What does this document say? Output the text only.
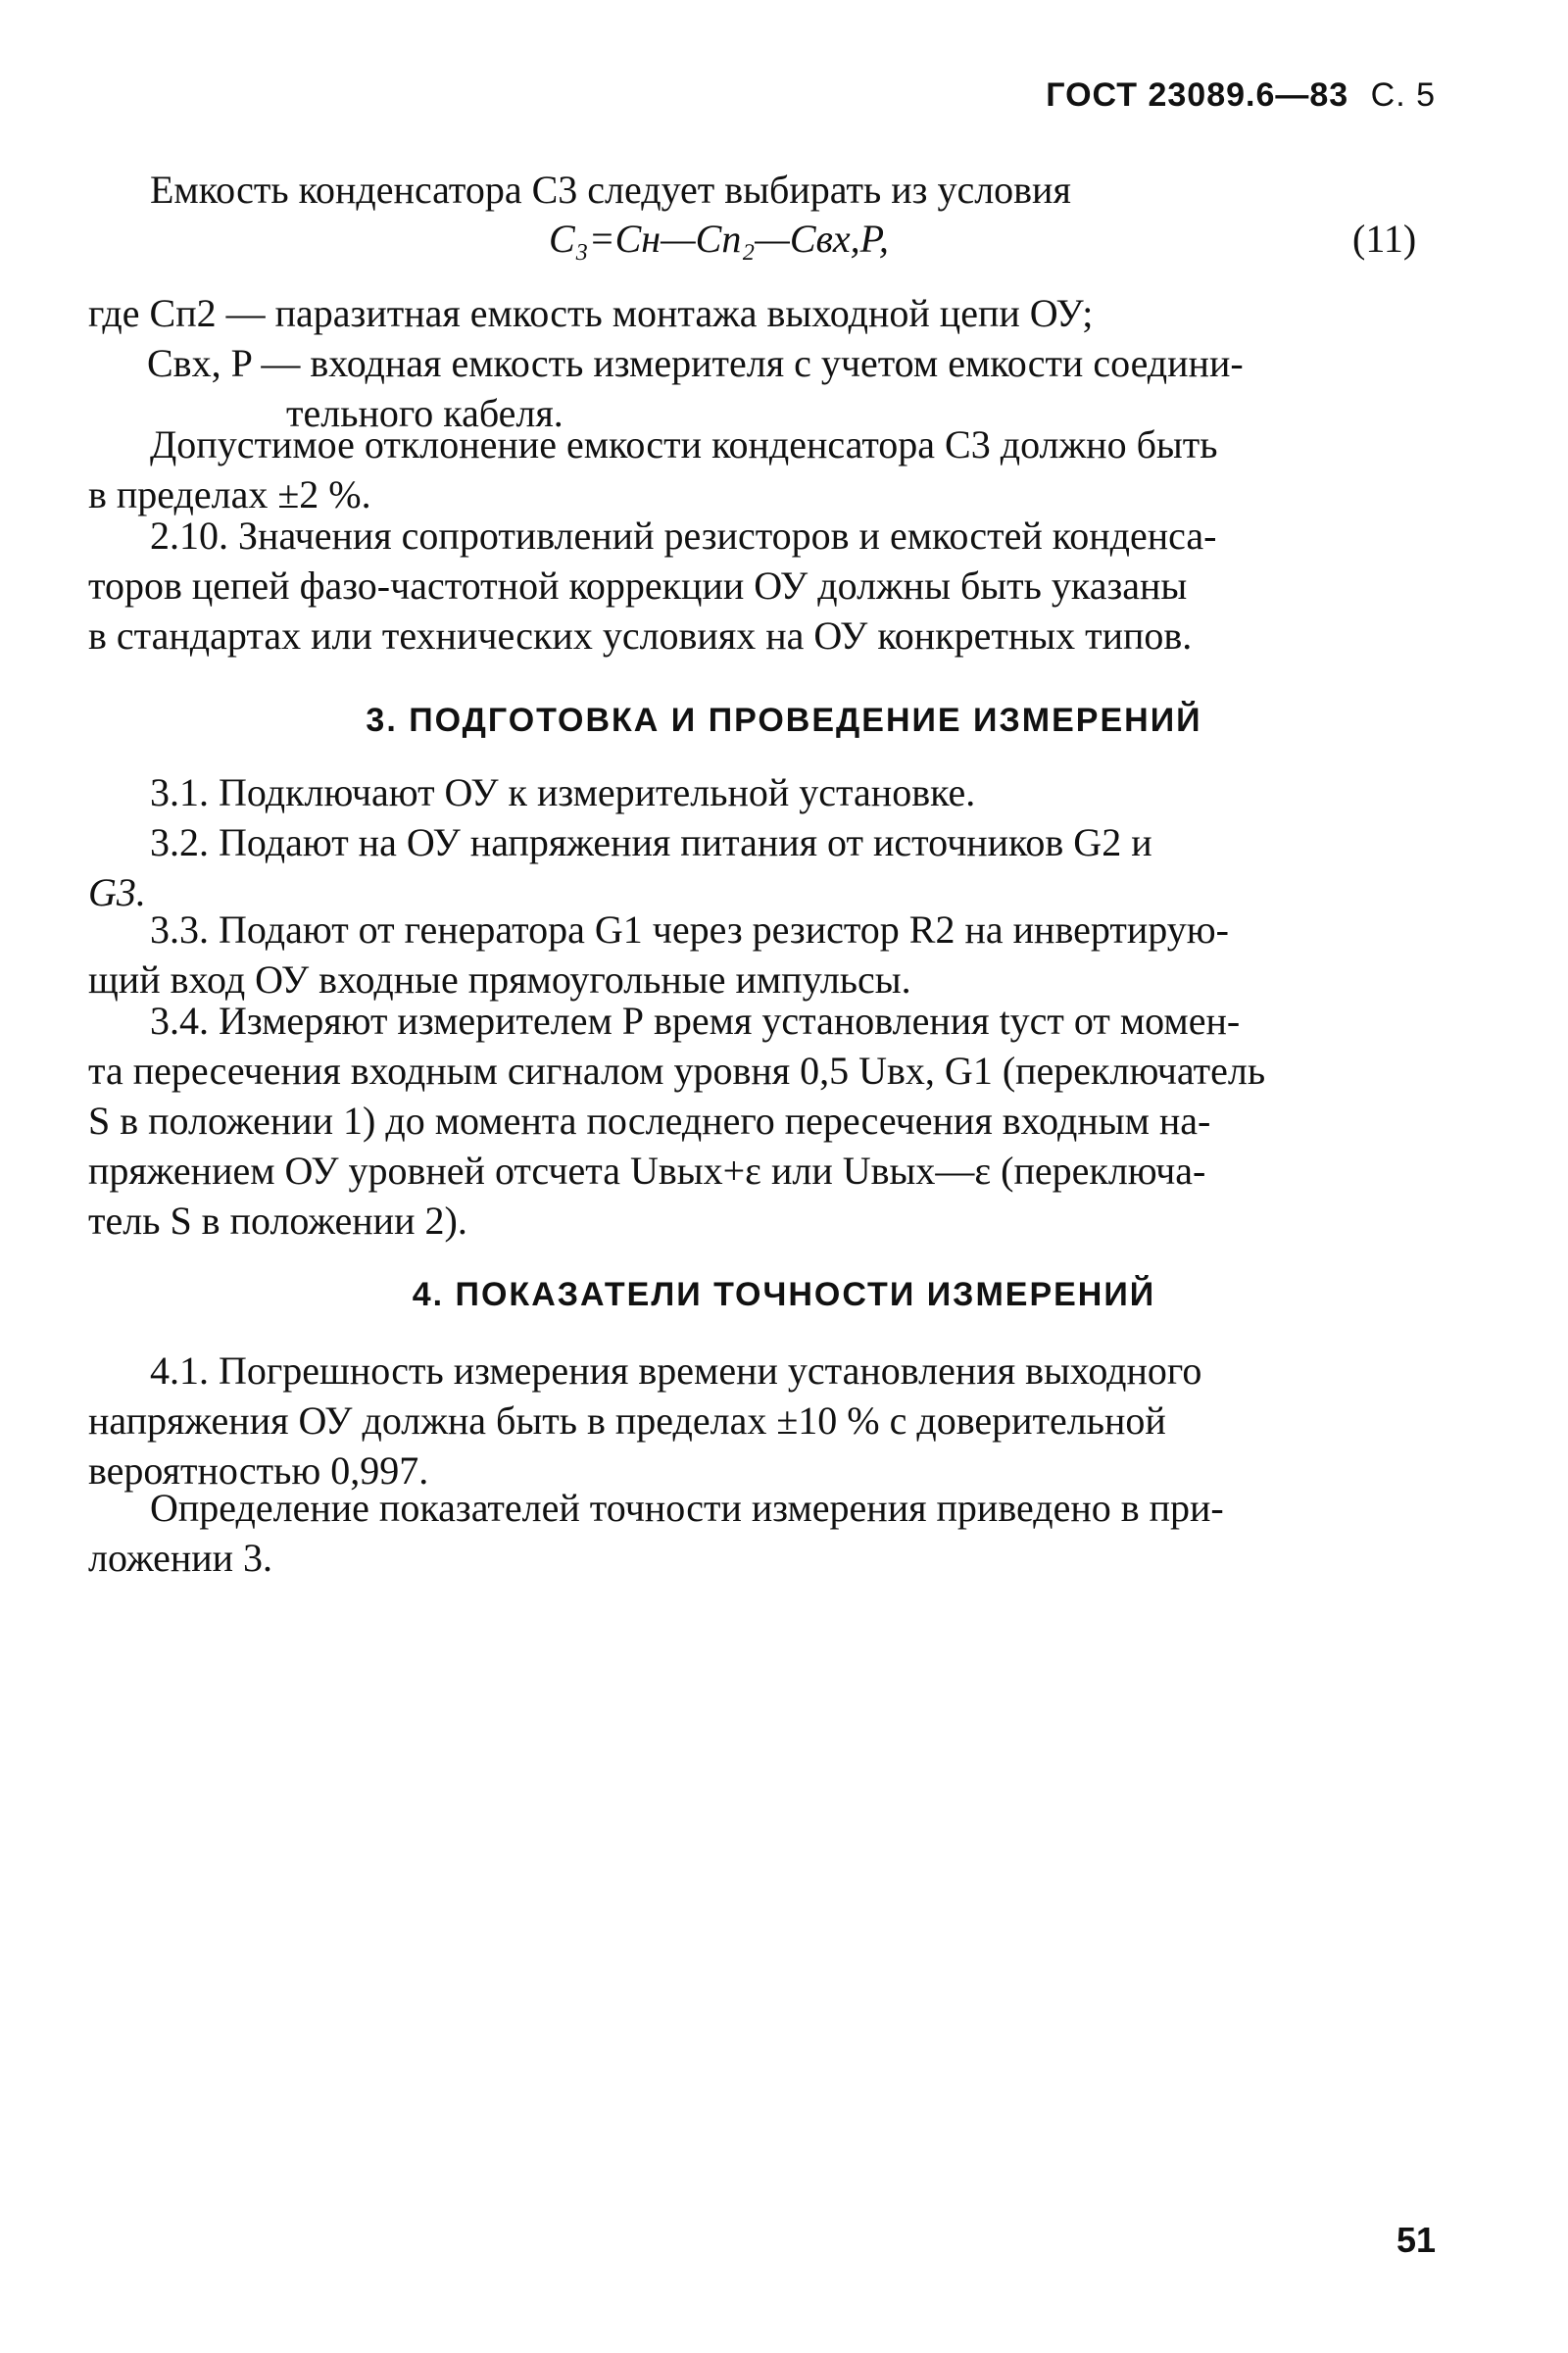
ГОСТ 23089.6—83 С. 5

Емкость конденсатора С3 следует выбирать из условия

C₃=Cн—Cп₂—Cвх,P,	(11)
где Cп2 — паразитная емкость монтажа выходной цепи ОУ;
Cвх, P — входная емкость измерителя с учетом емкости соедини-
тельного кабеля.
Допустимое отклонение емкости конденсатора С3 должно быть
в пределах ±2 %.
2.10. Значения сопротивлений резисторов и емкостей конденса-
торов цепей фазо-частотной коррекции ОУ должны быть указаны
в стандартах или технических условиях на ОУ конкретных типов.
3. ПОДГОТОВКА И ПРОВЕДЕНИЕ ИЗМЕРЕНИЙ
3.1. Подключают ОУ к измерительной установке.
3.2. Подают на ОУ напряжения питания от источников G2 и
G3.
3.3. Подают от генератора G1 через резистор R2 на инвертирую-
щий вход ОУ входные прямоугольные импульсы.
3.4. Измеряют измерителем Р время установления tуст от момен-
та пересечения входным сигналом уровня 0,5 Uвх, G1 (переключатель
S в положении 1) до момента последнего пересечения входным на-
пряжением ОУ уровней отсчета Uвых+ε или Uвых—ε (переключа-
тель S в положении 2).
4. ПОКАЗАТЕЛИ ТОЧНОСТИ ИЗМЕРЕНИЙ
4.1. Погрешность измерения времени установления выходного
напряжения ОУ должна быть в пределах ±10 % с доверительной
вероятностью 0,997.
Определение показателей точности измерения приведено в при-
ложении 3.
51
